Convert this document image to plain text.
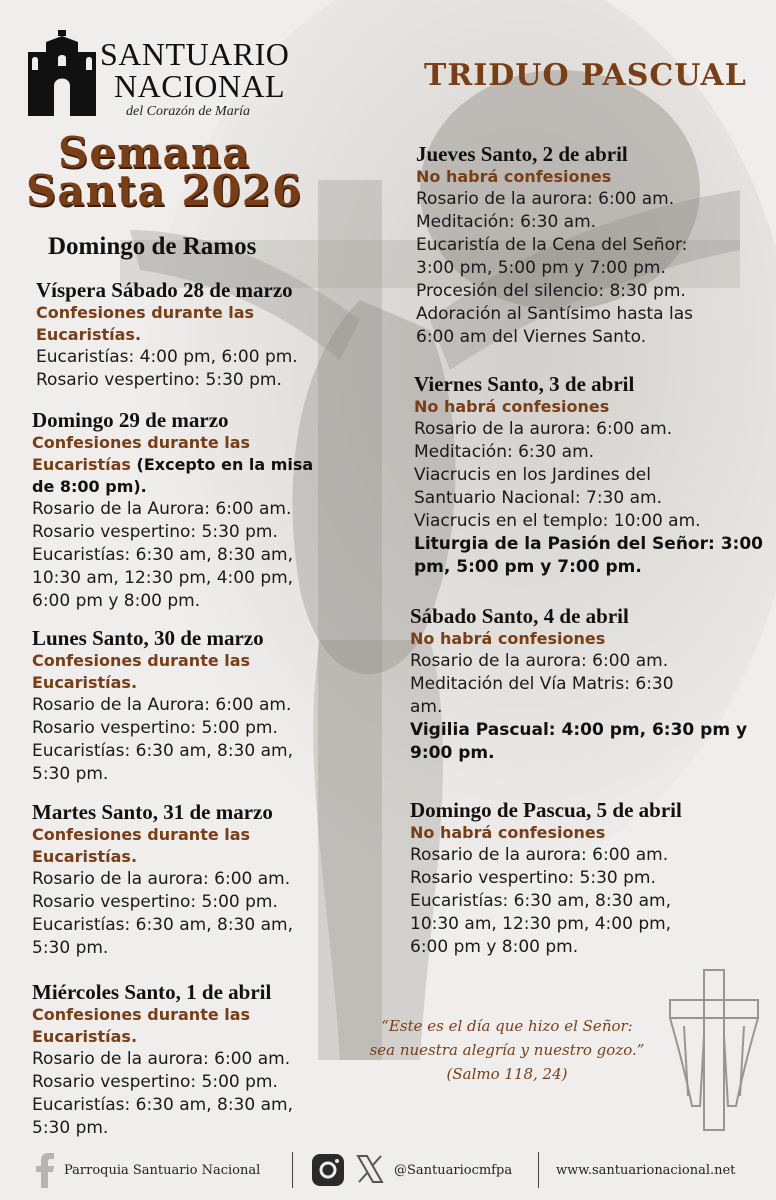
SANTUARIO
NACIONAL
del Corazón de María
Semana
Santa 2026
TRIDUO PASCUAL
Domingo de Ramos
Víspera Sábado 28 de marzo
Confesiones durante las Eucaristías.
Eucaristías: 4:00 pm, 6:00 pm.
Rosario vespertino: 5:30 pm.
Domingo 29 de marzo
Confesiones durante las Eucaristías (Excepto en la misa de 8:00 pm).
Rosario de la Aurora: 6:00 am.
Rosario vespertino: 5:30 pm.
Eucaristías: 6:30 am, 8:30 am,
10:30 am, 12:30 pm, 4:00 pm,
6:00 pm y 8:00 pm.
Lunes Santo, 30 de marzo
Confesiones durante las Eucaristías.
Rosario de la Aurora: 6:00 am.
Rosario vespertino: 5:00 pm.
Eucaristías: 6:30 am, 8:30 am,
5:30 pm.
Martes Santo, 31 de marzo
Confesiones durante las Eucaristías.
Rosario de la aurora: 6:00 am.
Rosario vespertino: 5:00 pm.
Eucaristías: 6:30 am, 8:30 am,
5:30 pm.
Miércoles Santo, 1 de abril
Confesiones durante las Eucaristías.
Rosario de la aurora: 6:00 am.
Rosario vespertino: 5:00 pm.
Eucaristías: 6:30 am, 8:30 am,
5:30 pm.
Jueves Santo, 2 de abril
No habrá confesiones
Rosario de la aurora: 6:00 am.
Meditación: 6:30 am.
Eucaristía de la Cena del Señor:
3:00 pm, 5:00 pm y 7:00 pm.
Procesión del silencio: 8:30 pm.
Adoración al Santísimo hasta las
6:00 am del Viernes Santo.
Viernes Santo, 3 de abril
No habrá confesiones
Rosario de la aurora: 6:00 am.
Meditación: 6:30 am.
Viacrucis en los Jardines del
Santuario Nacional: 7:30 am.
Viacrucis en el templo: 10:00 am.
Liturgia de la Pasión del Señor: 3:00 pm, 5:00 pm y 7:00 pm.
Sábado Santo, 4 de abril
No habrá confesiones
Rosario de la aurora: 6:00 am.
Meditación del Vía Matris: 6:30
am.
Vigilia Pascual: 4:00 pm, 6:30 pm y 9:00 pm.
Domingo de Pascua, 5 de abril
No habrá confesiones
Rosario de la aurora: 6:00 am.
Rosario vespertino: 5:30 pm.
Eucaristías: 6:30 am, 8:30 am,
10:30 am, 12:30 pm, 4:00 pm,
6:00 pm y 8:00 pm.
“Este es el día que hizo el Señor:
sea nuestra alegría y nuestro gozo.”
(Salmo 118, 24)
Parroquia Santuario Nacional	@Santuariocmfpa	www.santuarionacional.net
